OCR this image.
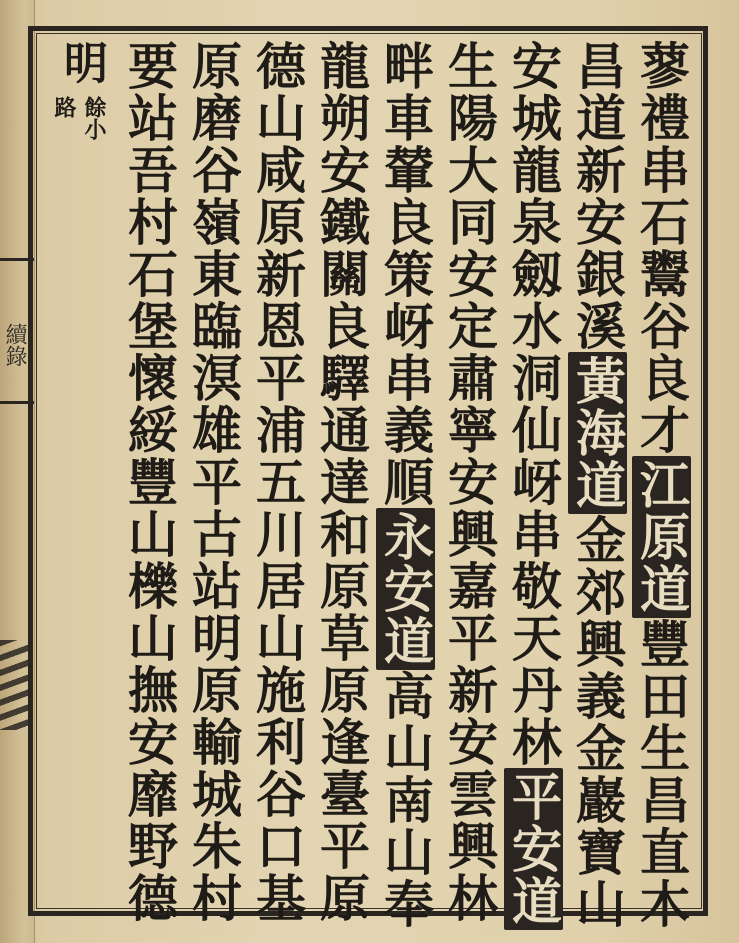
續錄	蓼禮串石鬻谷良才江原道豐田生昌直木
昌道新安銀溪黃海道金郊興義金巖寶山
安城龍泉劔水洞仙岈串敬天丹林平安道
生陽大同安定肅寧安興嘉平新安雲興林
畔車輦良策岈串義順永安道高山南山奉
龍朔安鐵關良驛通達和原草原逢臺平原
德山咸原新恩平浦五川居山施利谷口基
原磨谷嶺東臨溟雄平古站明原輸城朱村
要站吾村石堡懷綏豐山櫟山撫安靡野德
明
餘小
路
